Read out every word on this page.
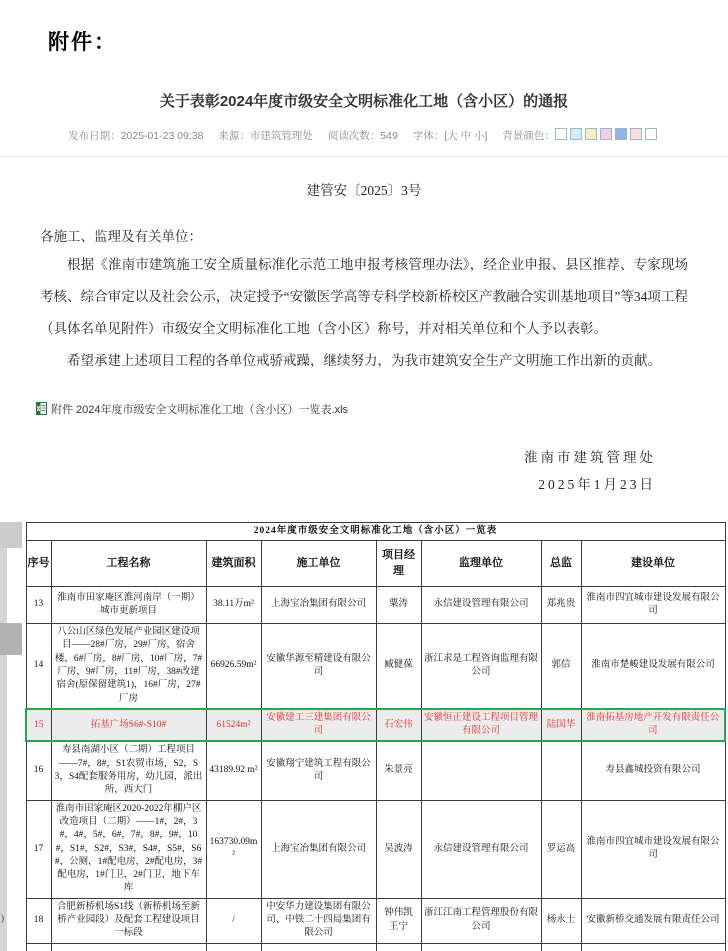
附件：
关于表彰2024年度市级安全文明标准化工地（含小区）的通报
发布日期：2025-01-23 09:38 来源：市建筑管理处 阅读次数：549 字体：[大 中 小] 背景颜色：
建管安〔2025〕3号
各施工、监理及有关单位：

根据《淮南市建筑施工安全质量标准化示范工地申报考核管理办法》，经企业申报、县区推荐、专家现场考核、综合审定以及社会公示，决定授予“安徽医学高等专科学校新桥校区产教融合实训基地项目”等34项工程（具体名单见附件）市级安全文明标准化工地（含小区）称号，并对相关单位和个人予以表彰。

希望承建上述项目工程的各单位戒骄戒躁，继续努力，为我市建筑安全生产文明施工作出新的贡献。

附件 2024年度市级安全文明标准化工地（含小区）一览表.xls
淮南市建筑管理处
2025年1月23日
)
2024年度市级安全文明标准化工地（含小区）一览表							
序号	工程名称	建筑面积	施工单位	项目经理	监理单位	总监	建设单位
13	淮南市田家庵区淮河南岸（一期）城市更新项目	38.11万m²	上海宝冶集团有限公司	粟涛	永信建设管理有限公司	郑兆贵	淮南市四宜城市建设发展有限公司
14	八公山区绿色发展产业园区建设项目——28#厂房，29#厂房，宿舍楼，6#厂房，8#厂房，10#厂房，7#厂房，9#厂房，11#厂房，38#改建宿舍(原保留建筑1)，16#厂房，27#厂房	66926.59m²	安徽华源至精建设有限公司	臧健葆	浙江求是工程咨询监理有限公司	郭信	淮南市楚峻建设发展有限公司
15	拓基广场S6#-S10#	61524m²	安徽建工三建集团有限公司	石宏伟	安徽恒正建设工程项目管理有限公司	陆国华	淮南拓基房地产开发有限责任公司
16	寿县南湖小区（二期）工程项目——7#，8#，S1农贸市场，S2，S3，S4配套服务用房，幼儿园，派出所，西大门	43189.92 m²	安徽翔宁建筑工程有限公司	朱景亮			寿县鑫城投资有限公司
17	淮南市田家庵区2020-2022年棚户区改造项目（二期）——1#，2#，3#，4#，5#，6#，7#，8#，9#，10#，S1#，S2#，S3#，S4#，S5#，S6#，公厕，1#配电房，2#配电房，3#配电房，1#门卫，2#门卫，地下车库	163730.09m²	上海宝冶集团有限公司	吴波涛	永信建设管理有限公司	罗运高	淮南市四宜城市建设发展有限公司
18	合肥新桥机场S1线（新桥机场至新桥产业园段）及配套工程建设项目一标段	/	中安华力建设集团有限公司、中铁二十四局集团有限公司	钟伟凯 王宁	浙江江南工程管理股份有限公司	杨永士	安徽新桥交通发展有限责任公司
